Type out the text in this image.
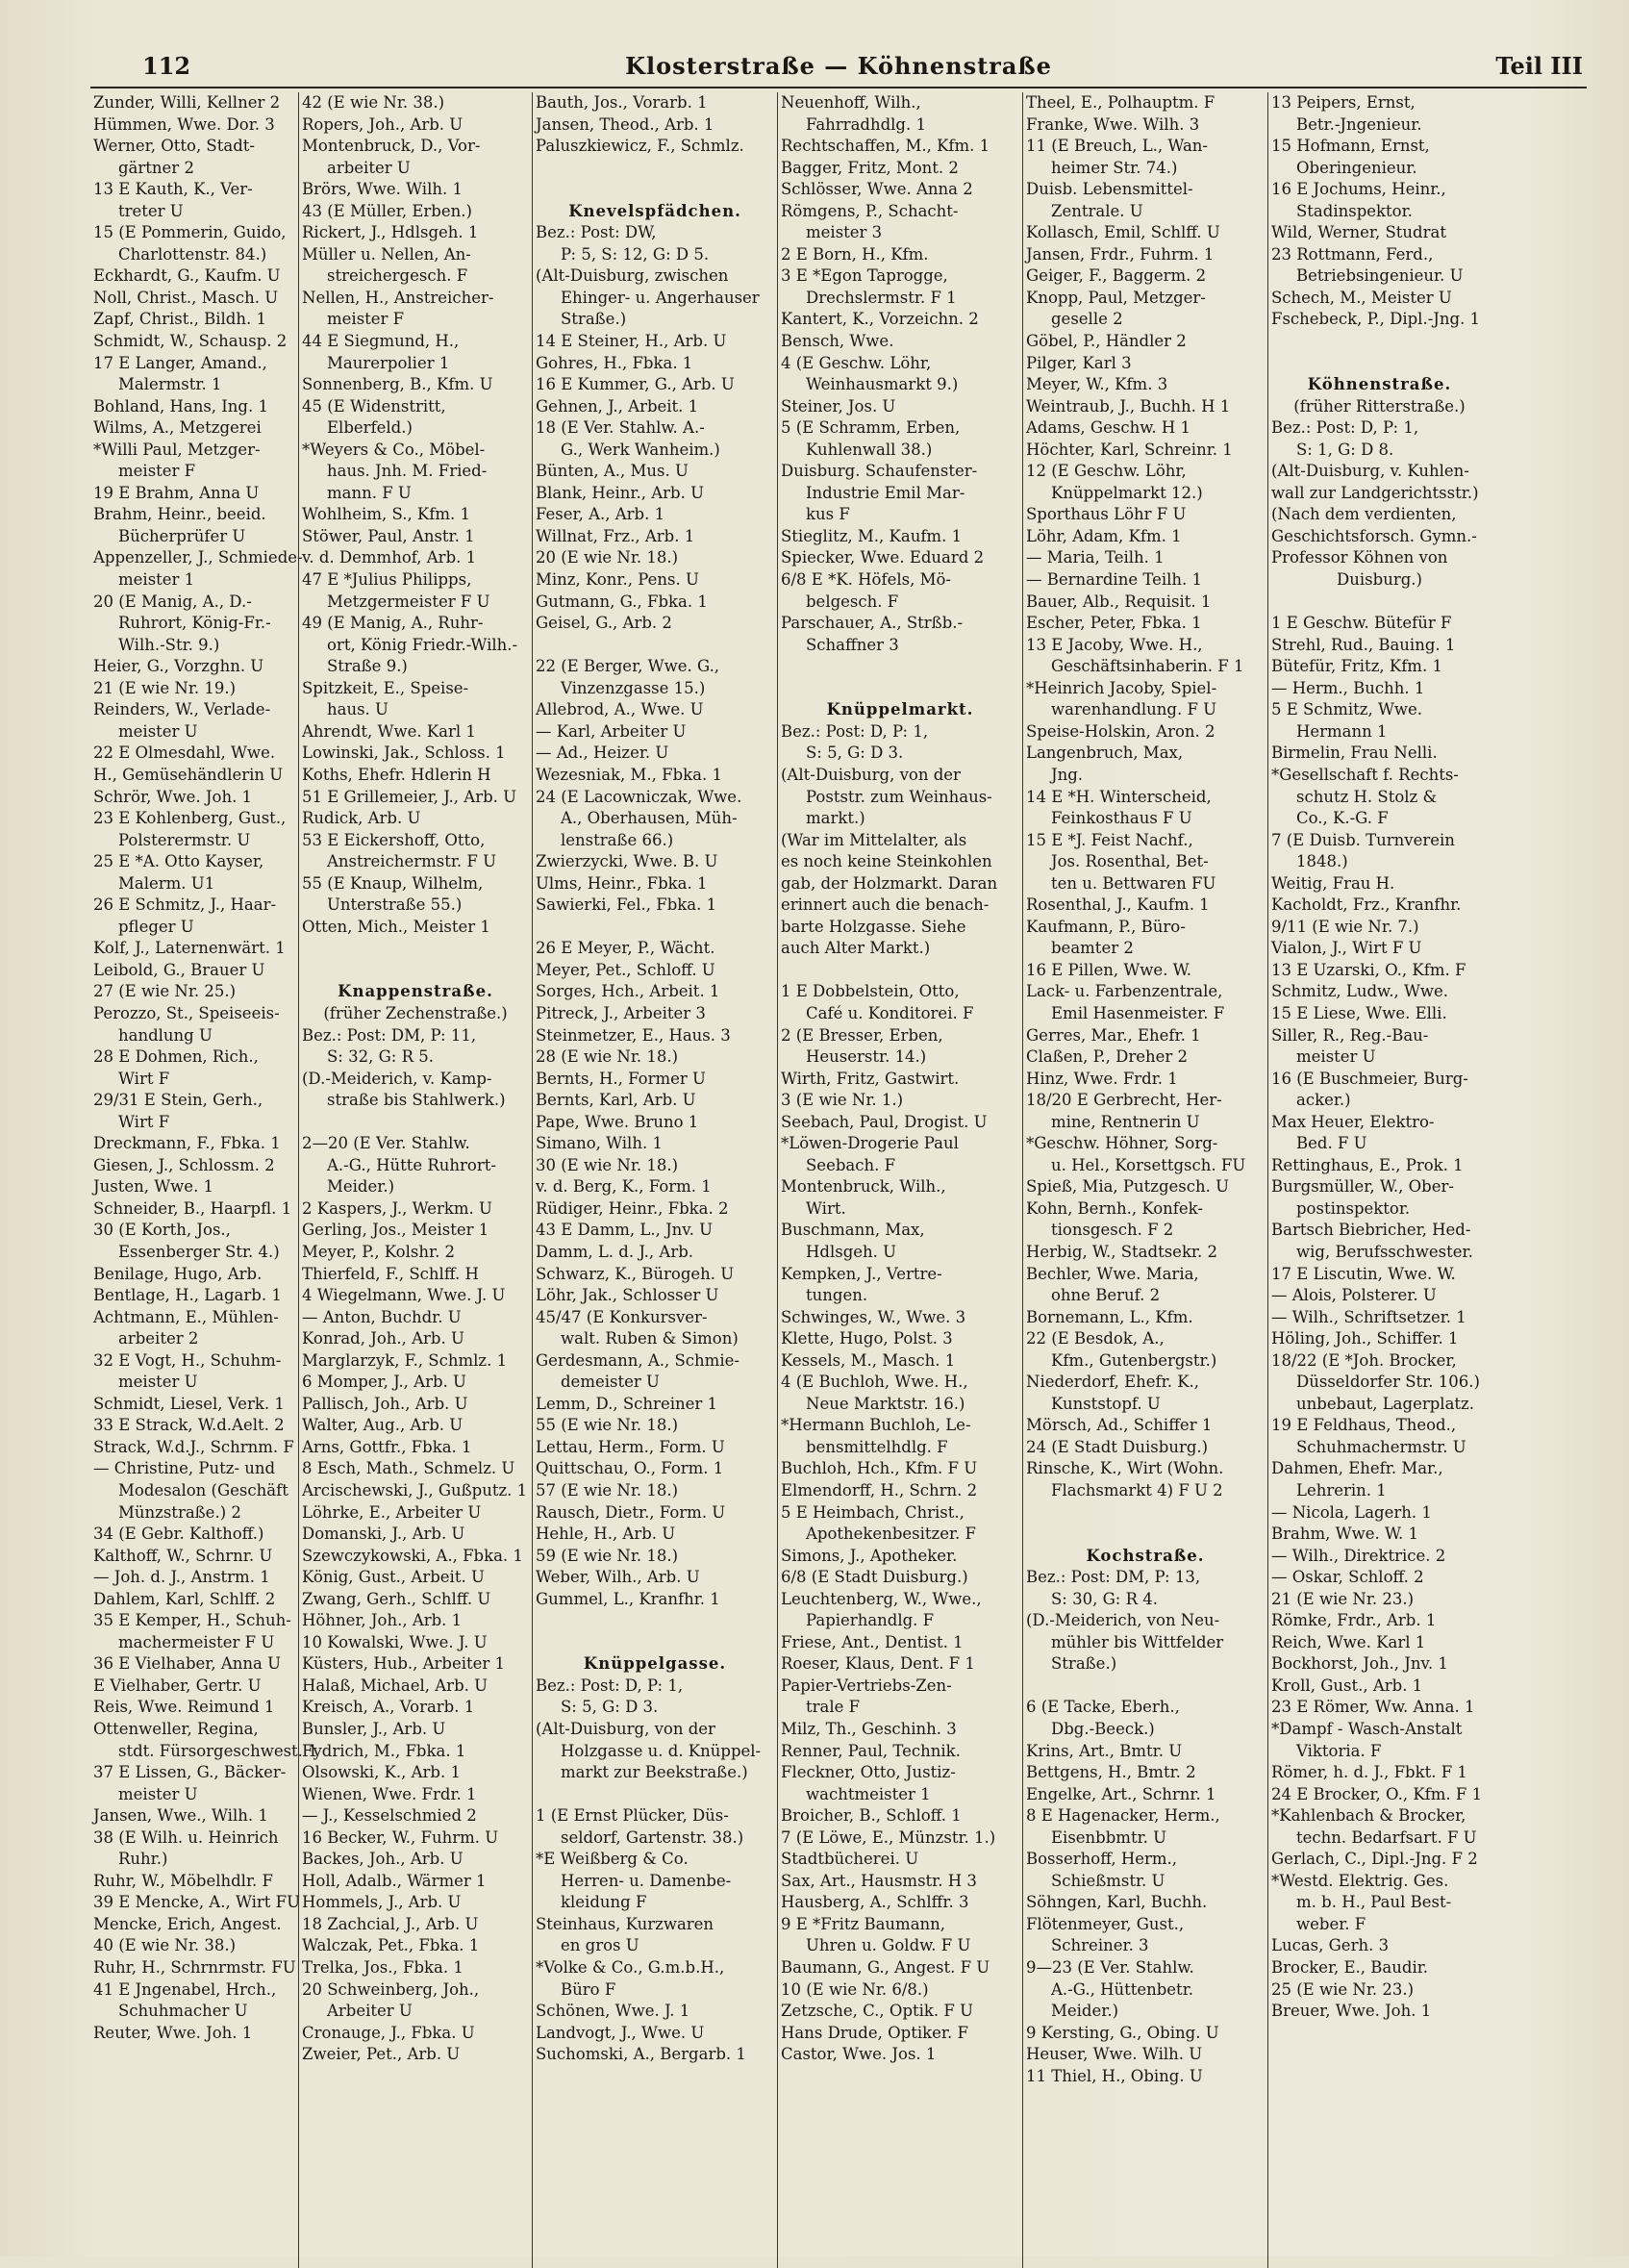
112	Klosterstraße — Köhnenstraße	Teil III
Zunder, Willi, Kellner 2
Hümmen, Wwe. Dor. 3
Werner, Otto, Stadt-
gärtner 2
13 E Kauth, K., Ver-
treter U
15 (E Pommerin, Guido,
Charlottenstr. 84.)
Eckhardt, G., Kaufm. U
Noll, Christ., Masch. U
Zapf, Christ., Bildh. 1
Schmidt, W., Schausp. 2
17 E Langer, Amand.,
Malermstr. 1
Bohland, Hans, Ing. 1
Wilms, A., Metzgerei
*Willi Paul, Metzger-
meister F
19 E Brahm, Anna U
Brahm, Heinr., beeid.
Bücherprüfer U
Appenzeller, J., Schmiede-
meister 1
20 (E Manig, A., D.-
Ruhrort, König-Fr.-
Wilh.-Str. 9.)
Heier, G., Vorzghn. U
21 (E wie Nr. 19.)
Reinders, W., Verlade-
meister U
22 E Olmesdahl, Wwe.
H., Gemüsehändlerin U
Schrör, Wwe. Joh. 1
23 E Kohlenberg, Gust.,
Polsterermstr. U
25 E *A. Otto Kayser,
Malerm. U1
26 E Schmitz, J., Haar-
pfleger U
Kolf, J., Laternenwärt. 1
Leibold, G., Brauer U
27 (E wie Nr. 25.)
Perozzo, St., Speiseeis-
handlung U
28 E Dohmen, Rich.,
Wirt F
29/31 E Stein, Gerh.,
Wirt F
Dreckmann, F., Fbka. 1
Giesen, J., Schlossm. 2
Justen, Wwe. 1
Schneider, B., Haarpfl. 1
30 (E Korth, Jos.,
Essenberger Str. 4.)
Benilage, Hugo, Arb.
Bentlage, H., Lagarb. 1
Achtmann, E., Mühlen-
arbeiter 2
32 E Vogt, H., Schuhm-
meister U
Schmidt, Liesel, Verk. 1
33 E Strack, W.d.Aelt. 2
Strack, W.d.J., Schrnm. F
— Christine, Putz- und
Modesalon (Geschäft
Münzstraße.) 2
34 (E Gebr. Kalthoff.)
Kalthoff, W., Schrnr. U
— Joh. d. J., Anstrm. 1
Dahlem, Karl, Schlff. 2
35 E Kemper, H., Schuh-
machermeister F U
36 E Vielhaber, Anna U
E Vielhaber, Gertr. U
Reis, Wwe. Reimund 1
Ottenweller, Regina,
stdt. Fürsorgeschwest. 1
37 E Lissen, G., Bäcker-
meister U
Jansen, Wwe., Wilh. 1
38 (E Wilh. u. Heinrich
Ruhr.)
Ruhr, W., Möbelhdlr. F
39 E Mencke, A., Wirt FU
Mencke, Erich, Angest.
40 (E wie Nr. 38.)
Ruhr, H., Schrnrmstr. FU
41 E Jngenabel, Hrch.,
Schuhmacher U
Reuter, Wwe. Joh. 1
42 (E wie Nr. 38.)
Ropers, Joh., Arb. U
Montenbruck, D., Vor-
arbeiter U
Brörs, Wwe. Wilh. 1
43 (E Müller, Erben.)
Rickert, J., Hdlsgeh. 1
Müller u. Nellen, An-
streichergesch. F
Nellen, H., Anstreicher-
meister F
44 E Siegmund, H.,
Maurerpolier 1
Sonnenberg, B., Kfm. U
45 (E Widenstritt,
Elberfeld.)
*Weyers & Co., Möbel-
haus. Jnh. M. Fried-
mann. F U
Wohlheim, S., Kfm. 1
Stöwer, Paul, Anstr. 1
v. d. Demmhof, Arb. 1
47 E *Julius Philipps,
Metzgermeister F U
49 (E Manig, A., Ruhr-
ort, König Friedr.-Wilh.-
Straße 9.)
Spitzkeit, E., Speise-
haus. U
Ahrendt, Wwe. Karl 1
Lowinski, Jak., Schloss. 1
Koths, Ehefr. Hdlerin H
51 E Grillemeier, J., Arb. U
Rudick, Arb. U
53 E Eickershoff, Otto,
Anstreichermstr. F U
55 (E Knaup, Wilhelm,
Unterstraße 55.)
Otten, Mich., Meister 1
Knappenstraße.
(früher Zechenstraße.)
Bez.: Post: DM, P: 11,
S: 32, G: R 5.
(D.-Meiderich, v. Kamp-
straße bis Stahlwerk.)
2—20 (E Ver. Stahlw.
A.-G., Hütte Ruhrort-
Meider.)
2 Kaspers, J., Werkm. U
Gerling, Jos., Meister 1
Meyer, P., Kolshr. 2
Thierfeld, F., Schlff. H
4 Wiegelmann, Wwe. J. U
— Anton, Buchdr. U
Konrad, Joh., Arb. U
Marglarzyk, F., Schmlz. 1
6 Momper, J., Arb. U
Pallisch, Joh., Arb. U
Walter, Aug., Arb. U
Arns, Gottfr., Fbka. 1
8 Esch, Math., Schmelz. U
Arcischewski, J., Gußputz. 1
Löhrke, E., Arbeiter U
Domanski, J., Arb. U
Szewczykowski, A., Fbka. 1
König, Gust., Arbeit. U
Zwang, Gerh., Schlff. U
Höhner, Joh., Arb. 1
10 Kowalski, Wwe. J. U
Küsters, Hub., Arbeiter 1
Halaß, Michael, Arb. U
Kreisch, A., Vorarb. 1
Bunsler, J., Arb. U
Fydrich, M., Fbka. 1
Olsowski, K., Arb. 1
Wienen, Wwe. Frdr. 1
— J., Kesselschmied 2
16 Becker, W., Fuhrm. U
Backes, Joh., Arb. U
Holl, Adalb., Wärmer 1
Hommels, J., Arb. U
18 Zachcial, J., Arb. U
Walczak, Pet., Fbka. 1
Trelka, Jos., Fbka. 1
20 Schweinberg, Joh.,
Arbeiter U
Cronauge, J., Fbka. U
Zweier, Pet., Arb. U
Bauth, Jos., Vorarb. 1
Jansen, Theod., Arb. 1
Paluszkiewicz, F., Schmlz.
Knevelspfädchen.
Bez.: Post: DW,
P: 5, S: 12, G: D 5.
(Alt-Duisburg, zwischen
Ehinger- u. Angerhauser
Straße.)
14 E Steiner, H., Arb. U
Gohres, H., Fbka. 1
16 E Kummer, G., Arb. U
Gehnen, J., Arbeit. 1
18 (E Ver. Stahlw. A.-
G., Werk Wanheim.)
Bünten, A., Mus. U
Blank, Heinr., Arb. U
Feser, A., Arb. 1
Willnat, Frz., Arb. 1
20 (E wie Nr. 18.)
Minz, Konr., Pens. U
Gutmann, G., Fbka. 1
Geisel, G., Arb. 2
22 (E Berger, Wwe. G.,
Vinzenzgasse 15.)
Allebrod, A., Wwe. U
— Karl, Arbeiter U
— Ad., Heizer. U
Wezesniak, M., Fbka. 1
24 (E Lacowniczak, Wwe.
A., Oberhausen, Müh-
lenstraße 66.)
Zwierzycki, Wwe. B. U
Ulms, Heinr., Fbka. 1
Sawierki, Fel., Fbka. 1
26 E Meyer, P., Wächt.
Meyer, Pet., Schloff. U
Sorges, Hch., Arbeit. 1
Pitreck, J., Arbeiter 3
Steinmetzer, E., Haus. 3
28 (E wie Nr. 18.)
Bernts, H., Former U
Bernts, Karl, Arb. U
Pape, Wwe. Bruno 1
Simano, Wilh. 1
30 (E wie Nr. 18.)
v. d. Berg, K., Form. 1
Rüdiger, Heinr., Fbka. 2
43 E Damm, L., Jnv. U
Damm, L. d. J., Arb.
Schwarz, K., Bürogeh. U
Löhr, Jak., Schlosser U
45/47 (E Konkursver-
walt. Ruben & Simon)
Gerdesmann, A., Schmie-
demeister U
Lemm, D., Schreiner 1
55 (E wie Nr. 18.)
Lettau, Herm., Form. U
Quittschau, O., Form. 1
57 (E wie Nr. 18.)
Rausch, Dietr., Form. U
Hehle, H., Arb. U
59 (E wie Nr. 18.)
Weber, Wilh., Arb. U
Gummel, L., Kranfhr. 1
Knüppelgasse.
Bez.: Post: D, P: 1,
S: 5, G: D 3.
(Alt-Duisburg, von der
Holzgasse u. d. Knüppel-
markt zur Beekstraße.)
1 (E Ernst Plücker, Düs-
seldorf, Gartenstr. 38.)
*E Weißberg & Co.
Herren- u. Damenbe-
kleidung F
Steinhaus, Kurzwaren
en gros U
*Volke & Co., G.m.b.H.,
Büro F
Schönen, Wwe. J. 1
Landvogt, J., Wwe. U
Suchomski, A., Bergarb. 1
Neuenhoff, Wilh.,
Fahrradhdlg. 1
Rechtschaffen, M., Kfm. 1
Bagger, Fritz, Mont. 2
Schlösser, Wwe. Anna 2
Römgens, P., Schacht-
meister 3
2 E Born, H., Kfm.
3 E *Egon Taprogge,
Drechslermstr. F 1
Kantert, K., Vorzeichn. 2
Bensch, Wwe.
4 (E Geschw. Löhr,
Weinhausmarkt 9.)
Steiner, Jos. U
5 (E Schramm, Erben,
Kuhlenwall 38.)
Duisburg. Schaufenster-
Industrie Emil Mar-
kus F
Stieglitz, M., Kaufm. 1
Spiecker, Wwe. Eduard 2
6/8 E *K. Höfels, Mö-
belgesch. F
Parschauer, A., Strßb.-
Schaffner 3
Knüppelmarkt.
Bez.: Post: D, P: 1,
S: 5, G: D 3.
(Alt-Duisburg, von der
Poststr. zum Weinhaus-
markt.)
(War im Mittelalter, als
es noch keine Steinkohlen
gab, der Holzmarkt. Daran
erinnert auch die benach-
barte Holzgasse. Siehe
auch Alter Markt.)
1 E Dobbelstein, Otto,
Café u. Konditorei. F
2 (E Bresser, Erben,
Heuserstr. 14.)
Wirth, Fritz, Gastwirt.
3 (E wie Nr. 1.)
Seebach, Paul, Drogist. U
*Löwen-Drogerie Paul
Seebach. F
Montenbruck, Wilh.,
Wirt.
Buschmann, Max,
Hdlsgeh. U
Kempken, J., Vertre-
tungen.
Schwinges, W., Wwe. 3
Klette, Hugo, Polst. 3
Kessels, M., Masch. 1
4 (E Buchloh, Wwe. H.,
Neue Marktstr. 16.)
*Hermann Buchloh, Le-
bensmittelhdlg. F
Buchloh, Hch., Kfm. F U
Elmendorff, H., Schrn. 2
5 E Heimbach, Christ.,
Apothekenbesitzer. F
Simons, J., Apotheker.
6/8 (E Stadt Duisburg.)
Leuchtenberg, W., Wwe.,
Papierhandlg. F
Friese, Ant., Dentist. 1
Roeser, Klaus, Dent. F 1
Papier-Vertriebs-Zen-
trale F
Milz, Th., Geschinh. 3
Renner, Paul, Technik.
Fleckner, Otto, Justiz-
wachtmeister 1
Broicher, B., Schloff. 1
7 (E Löwe, E., Münzstr. 1.)
Stadtbücherei. U
Sax, Art., Hausmstr. H 3
Hausberg, A., Schlffr. 3
9 E *Fritz Baumann,
Uhren u. Goldw. F U
Baumann, G., Angest. F U
10 (E wie Nr. 6/8.)
Zetzsche, C., Optik. F U
Hans Drude, Optiker. F
Castor, Wwe. Jos. 1
Theel, E., Polhauptm. F
Franke, Wwe. Wilh. 3
11 (E Breuch, L., Wan-
heimer Str. 74.)
Duisb. Lebensmittel-
Zentrale. U
Kollasch, Emil, Schlff. U
Jansen, Frdr., Fuhrm. 1
Geiger, F., Baggerm. 2
Knopp, Paul, Metzger-
geselle 2
Göbel, P., Händler 2
Pilger, Karl 3
Meyer, W., Kfm. 3
Weintraub, J., Buchh. H 1
Adams, Geschw. H 1
Höchter, Karl, Schreinr. 1
12 (E Geschw. Löhr,
Knüppelmarkt 12.)
Sporthaus Löhr F U
Löhr, Adam, Kfm. 1
— Maria, Teilh. 1
— Bernardine Teilh. 1
Bauer, Alb., Requisit. 1
Escher, Peter, Fbka. 1
13 E Jacoby, Wwe. H.,
Geschäftsinhaberin. F 1
*Heinrich Jacoby, Spiel-
warenhandlung. F U
Speise-Holskin, Aron. 2
Langenbruch, Max,
Jng.
14 E *H. Winterscheid,
Feinkosthaus F U
15 E *J. Feist Nachf.,
Jos. Rosenthal, Bet-
ten u. Bettwaren FU
Rosenthal, J., Kaufm. 1
Kaufmann, P., Büro-
beamter 2
16 E Pillen, Wwe. W.
Lack- u. Farbenzentrale,
Emil Hasenmeister. F
Gerres, Mar., Ehefr. 1
Claßen, P., Dreher 2
Hinz, Wwe. Frdr. 1
18/20 E Gerbrecht, Her-
mine, Rentnerin U
*Geschw. Höhner, Sorg-
u. Hel., Korsettgsch. FU
Spieß, Mia, Putzgesch. U
Kohn, Bernh., Konfek-
tionsgesch. F 2
Herbig, W., Stadtsekr. 2
Bechler, Wwe. Maria,
ohne Beruf. 2
Bornemann, L., Kfm.
22 (E Besdok, A.,
Kfm., Gutenbergstr.)
Niederdorf, Ehefr. K.,
Kunststopf. U
Mörsch, Ad., Schiffer 1
24 (E Stadt Duisburg.)
Rinsche, K., Wirt (Wohn.
Flachsmarkt 4) F U 2
Kochstraße.
Bez.: Post: DM, P: 13,
S: 30, G: R 4.
(D.-Meiderich, von Neu-
mühler bis Wittfelder
Straße.)
6 (E Tacke, Eberh.,
Dbg.-Beeck.)
Krins, Art., Bmtr. U
Bettgens, H., Bmtr. 2
Engelke, Art., Schrnr. 1
8 E Hagenacker, Herm.,
Eisenbbmtr. U
Bosserhoff, Herm.,
Schießmstr. U
Söhngen, Karl, Buchh.
Flötenmeyer, Gust.,
Schreiner. 3
9—23 (E Ver. Stahlw.
A.-G., Hüttenbetr.
Meider.)
9 Kersting, G., Obing. U
Heuser, Wwe. Wilh. U
11 Thiel, H., Obing. U
13 Peipers, Ernst,
Betr.-Jngenieur.
15 Hofmann, Ernst,
Oberingenieur.
16 E Jochums, Heinr.,
Stadinspektor.
Wild, Werner, Studrat
23 Rottmann, Ferd.,
Betriebsingenieur. U
Schech, M., Meister U
Fschebeck, P., Dipl.-Jng. 1
Köhnenstraße.
(früher Ritterstraße.)
Bez.: Post: D, P: 1,
S: 1, G: D 8.
(Alt-Duisburg, v. Kuhlen-
wall zur Landgerichtsstr.)
(Nach dem verdienten,
Geschichtsforsch. Gymn.-
Professor Köhnen von
Duisburg.)
1 E Geschw. Bütefür F
Strehl, Rud., Bauing. 1
Bütefür, Fritz, Kfm. 1
— Herm., Buchh. 1
5 E Schmitz, Wwe.
Hermann 1
Birmelin, Frau Nelli.
*Gesellschaft f. Rechts-
schutz H. Stolz &
Co., K.-G. F
7 (E Duisb. Turnverein
1848.)
Weitig, Frau H.
Kacholdt, Frz., Kranfhr.
9/11 (E wie Nr. 7.)
Vialon, J., Wirt F U
13 E Uzarski, O., Kfm. F
Schmitz, Ludw., Wwe.
15 E Liese, Wwe. Elli.
Siller, R., Reg.-Bau-
meister U
16 (E Buschmeier, Burg-
acker.)
Max Heuer, Elektro-
Bed. F U
Rettinghaus, E., Prok. 1
Burgsmüller, W., Ober-
postinspektor.
Bartsch Biebricher, Hed-
wig, Berufsschwester.
17 E Liscutin, Wwe. W.
— Alois, Polsterer. U
— Wilh., Schriftsetzer. 1
Höling, Joh., Schiffer. 1
18/22 (E *Joh. Brocker,
Düsseldorfer Str. 106.)
unbebaut, Lagerplatz.
19 E Feldhaus, Theod.,
Schuhmachermstr. U
Dahmen, Ehefr. Mar.,
Lehrerin. 1
— Nicola, Lagerh. 1
Brahm, Wwe. W. 1
— Wilh., Direktrice. 2
— Oskar, Schloff. 2
21 (E wie Nr. 23.)
Römke, Frdr., Arb. 1
Reich, Wwe. Karl 1
Bockhorst, Joh., Jnv. 1
Kroll, Gust., Arb. 1
23 E Römer, Ww. Anna. 1
*Dampf - Wasch-Anstalt
Viktoria. F
Römer, h. d. J., Fbkt. F 1
24 E Brocker, O., Kfm. F 1
*Kahlenbach & Brocker,
techn. Bedarfsart. F U
Gerlach, C., Dipl.-Jng. F 2
*Westd. Elektrig. Ges.
m. b. H., Paul Best-
weber. F
Lucas, Gerh. 3
Brocker, E., Baudir.
25 (E wie Nr. 23.)
Breuer, Wwe. Joh. 1
